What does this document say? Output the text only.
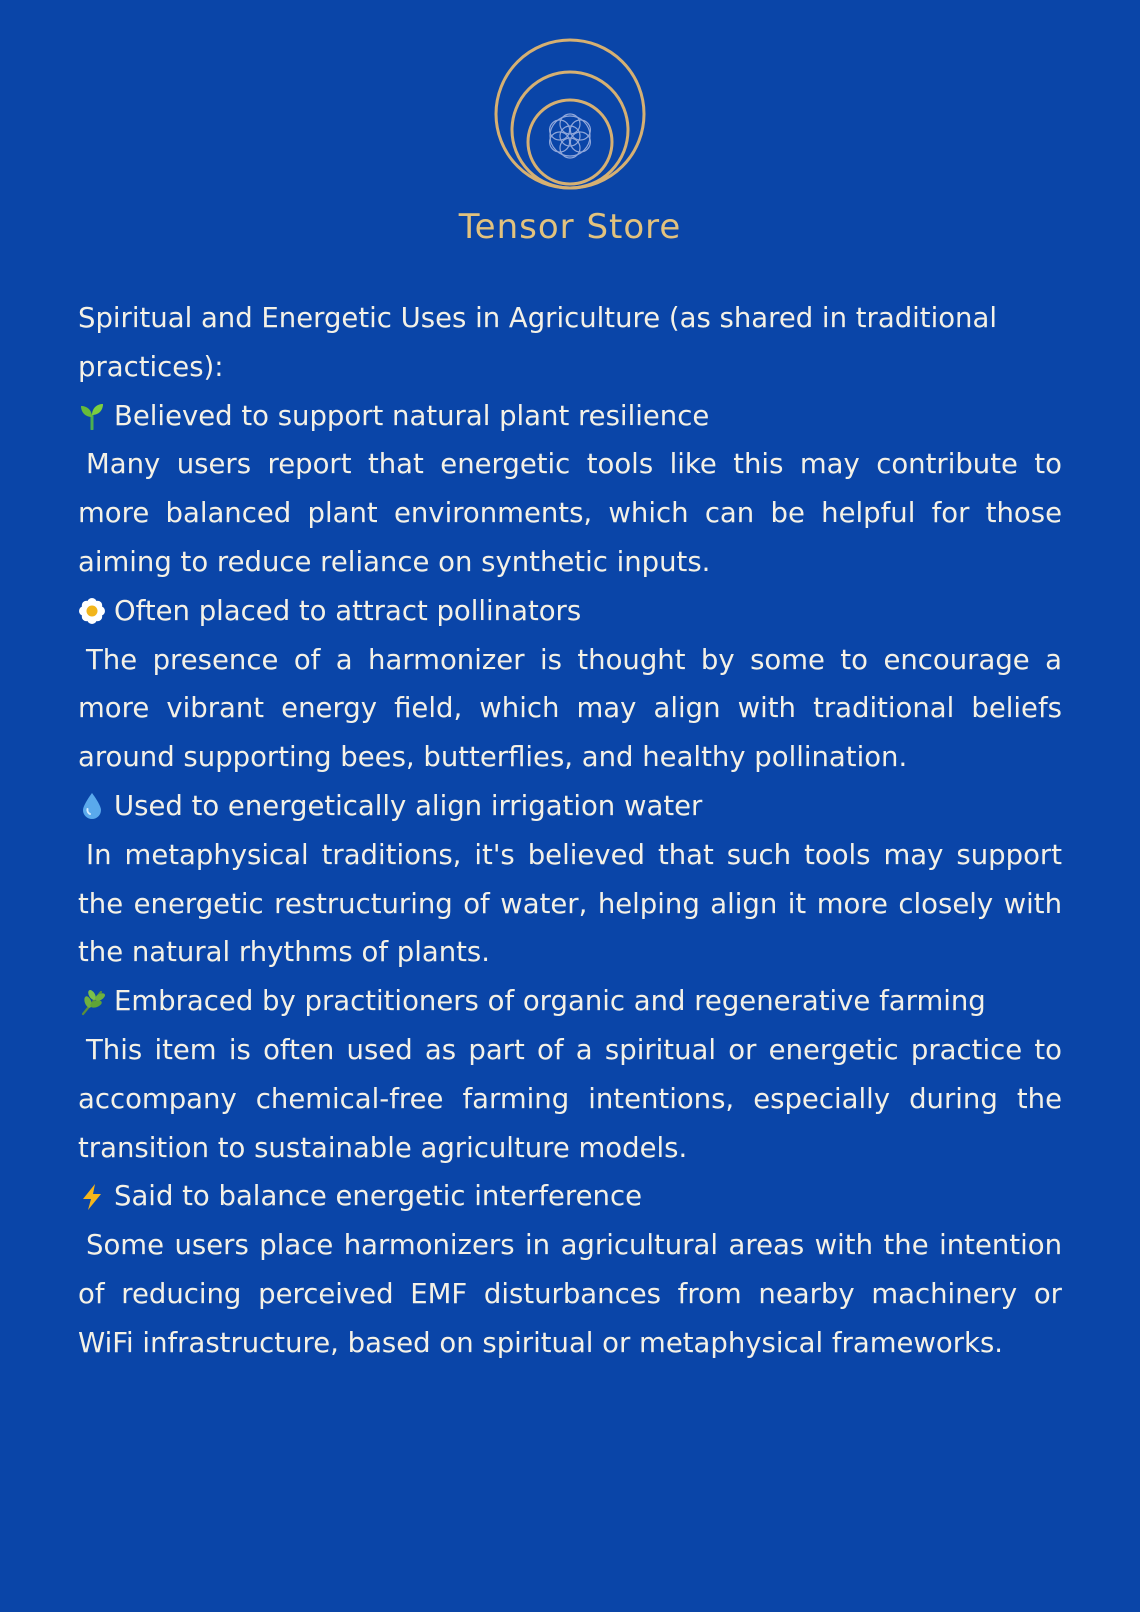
Tensor Store

Spiritual and Energetic Uses in Agriculture (as shared in traditional practices):

Believed to support natural plant resilience

Many users report that energetic tools like this may contribute to more balanced plant environments, which can be helpful for those aiming to reduce reliance on synthetic inputs.

Often placed to attract pollinators

The presence of a harmonizer is thought by some to encourage a more vibrant energy field, which may align with traditional beliefs around supporting bees, butterflies, and healthy pollination.

Used to energetically align irrigation water

In metaphysical traditions, it's believed that such tools may support the energetic restructuring of water, helping align it more closely with the natural rhythms of plants.

Embraced by practitioners of organic and regenerative farming

This item is often used as part of a spiritual or energetic practice to accompany chemical-free farming intentions, especially during the transition to sustainable agriculture models.

Said to balance energetic interference

Some users place harmonizers in agricultural areas with the intention of reducing perceived EMF disturbances from nearby machinery or WiFi infrastructure, based on spiritual or metaphysical frameworks.
